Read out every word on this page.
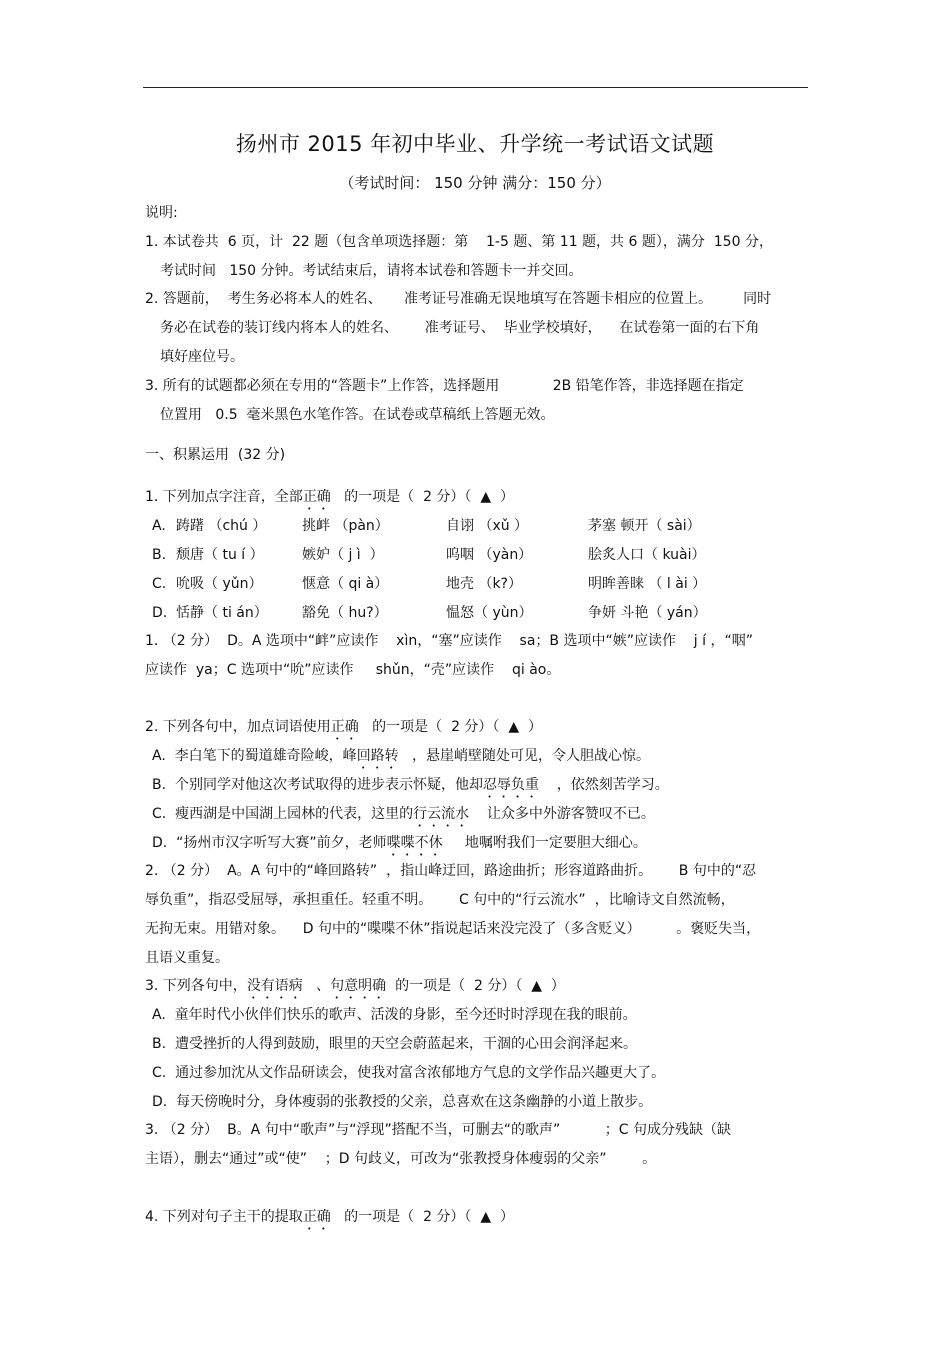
扬州市 2015 年初中毕业、升学统一考试语文试题
（考试时间： 150 分钟 满分：150 分）
说明:
1. 本试卷共  6 页，计  22 题（包含单项选择题：第    1-5 题、第 11 题，共 6 题），满分  150 分，
考试时间   150 分钟。考试结束后，请将本试卷和答题卡一并交回。
2. 答题前，  考生务必将本人的姓名、     准考证号准确无误地填写在答题卡相应的位置上。       同时
务必在试卷的装订线内将本人的姓名、      准考证号、  毕业学校填好，    在试卷第一面的右下角
填好座位号。
3. 所有的试题都必须在专用的“答题卡”上作答，选择题用            2B 铅笔作答，非选择题在指定
位置用   0.5  毫米黑色水笔作答。在试卷或草稿纸上答题无效。
一、积累运用  (32 分)
1. 下列加点字注音，全部正确   的一项是（  2 分）（  ▲  ）
A. 踌躇 （chú ）	挑衅 （pàn）	自诩 （xǔ ）	茅塞 顿开（ sài）
B. 颓唐（ tu í ）	嫉妒（ j ì  ）	呜咽 （yàn）	脍炙人口（ kuài）
C. 吮吸（ yǔn）	惬意（ qi à）	地壳 （k?）	明眸善睐 （ l ài ）
D. 恬静（ ti án） 豁免（ hu?）	愠怒（ yùn）	争妍 斗艳（ yán）
1. （2 分）  D。A 选项中“衅”应读作    xìn，“塞”应读作    sa；B 选项中“嫉”应读作    j í ，“咽”
应读作  ya；C 选项中“吮”应读作     shǔn，“壳”应读作    qi ào。
2. 下列各句中，加点词语使用正确   的一项是（  2 分）（  ▲  ）
A.  李白笔下的蜀道雄奇险峻，峰回路转   ，悬崖峭壁随处可见，令人胆战心惊。
B.  个别同学对他这次考试取得的进步表示怀疑，他却忍辱负重    ，依然刻苦学习。
C.  瘦西湖是中国湖上园林的代表，这里的行云流水    让众多中外游客赞叹不已。
D.  “扬州市汉字听写大赛”前夕，老师喋喋不休     地嘱咐我们一定要胆大细心。
2. （2 分）  A。A 句中的“峰回路转”  ，指山峰迂回，路途曲折；形容道路曲折。      B 句中的“忍
辱负重”，指忍受屈辱，承担重任。轻重不明。      C 句中的“行云流水”  ，比喻诗文自然流畅，
无拘无束。用错对象。    D 句中的“喋喋不休”指说起话来没完没了（多含贬义）        。褒贬失当，
且语义重复。
3. 下列各句中，没有语病   、句意明确  的一项是（  2 分）（  ▲  ）
A.  童年时代小伙伴们快乐的歌声、活泼的身影，至今还时时浮现在我的眼前。
B.  遭受挫折的人得到鼓励，眼里的天空会蔚蓝起来，干涸的心田会润泽起来。
C.  通过参加沈从文作品研读会，使我对富含浓郁地方气息的文学作品兴趣更大了。
D.  每天傍晚时分，身体瘦弱的张教授的父亲，总喜欢在这条幽静的小道上散步。
3. （2 分）  B。A 句中“歌声”与“浮现”搭配不当，可删去“的歌声”          ；C 句成分残缺（缺
主语），删去“通过”或“使”    ；D 句歧义，可改为“张教授身体瘦弱的父亲”        。
4. 下列对句子主干的提取正确   的一项是（  2 分）（  ▲  ）
